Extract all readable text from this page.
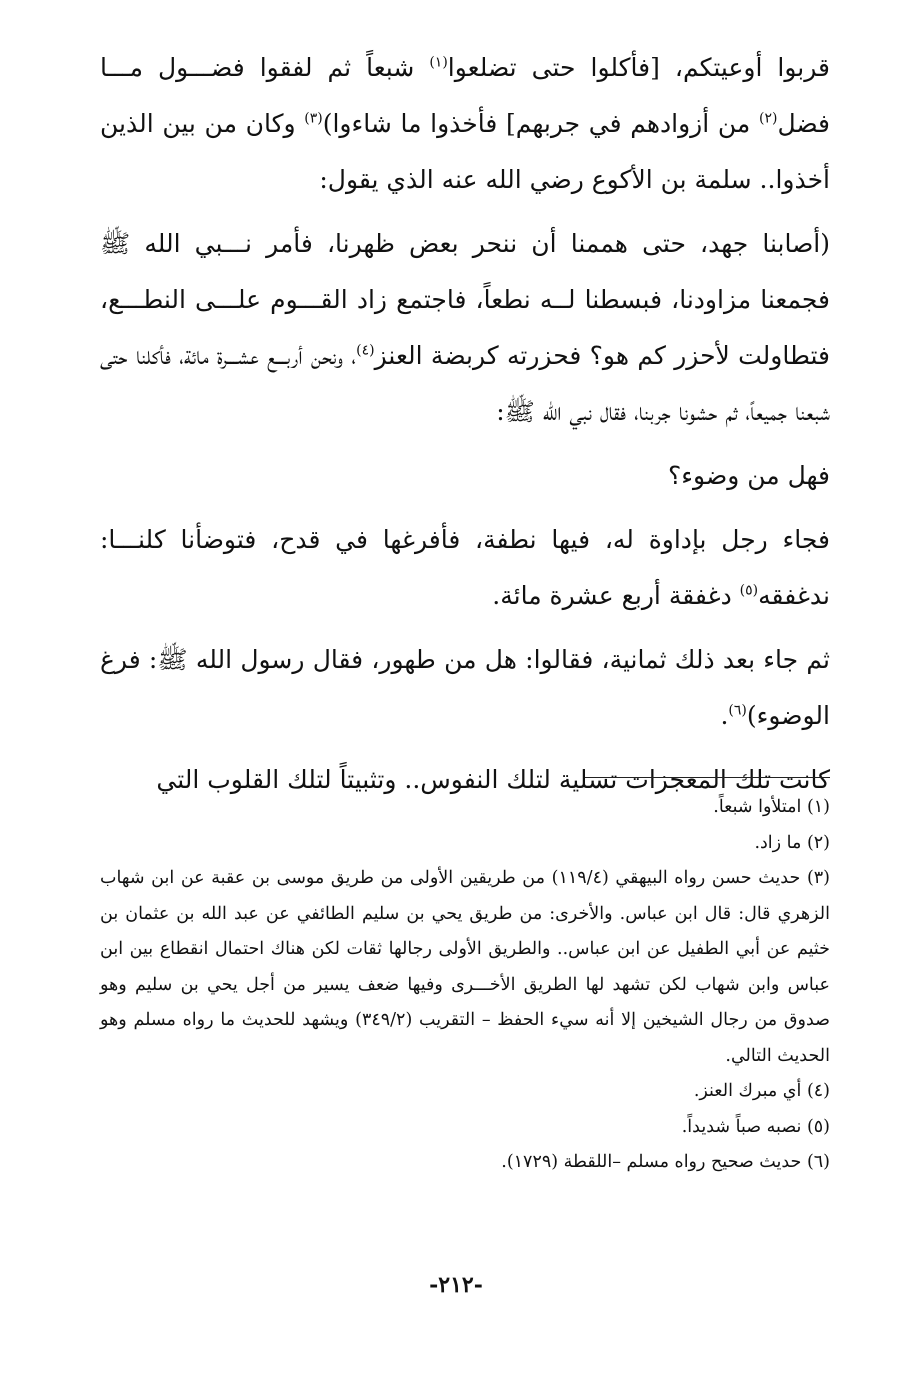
قربوا أوعيتكم، [فأكلوا حتى تضلعوا$^{(١)}$ شبعاً ثم لفقوا فضـــول مـــا فضل$^{(٢)}$ من أزوادهم في جربهم] فأخذوا ما شاءوا)$^{(٣)}$ وكان من بين الذين أخذوا.. سلمة بن الأكوع رضي الله عنه الذي يقول:

(أصابنا جهد، حتى هممنا أن ننحر بعض ظهرنا، فأمر نـــبي الله ﷺ فجمعنا مزاودنا، فبسطنا لــه نطعاً، فاجتمع زاد القـــوم علـــى النطـــع، فتطاولت لأحزر كم هو؟ فحزرته كربضة العنز$^{(٤)}$، ونحن أربـــع عشـــرة مائة، فأكلنا حتى شبعنا جميعاً، ثم حشونا جربنا، فقال نبي الله ﷺ:

فهل من وضوء؟

فجاء رجل بإداوة له، فيها نطفة، فأفرغها في قدح، فتوضأنا كلنـــا: ندغفقه$^{(٥)}$ دغفقة أربع عشرة مائة.

ثم جاء بعد ذلك ثمانية، فقالوا: هل من طهور، فقال رسول الله ﷺ: فرغ الوضوء)$^{(٦)}$.

كانت تلك المعجزات تسلية لتلك النفوس.. وتثبيتاً لتلك القلوب التي

(١) امتلأوا شبعاً.

(٢) ما زاد.

(٣) حديث حسن رواه البيهقي (١١٩/٤) من طريقين الأولى من طريق موسى بن عقبة عن ابن شهاب الزهري قال: قال ابن عباس. والأخرى: من طريق يحي بن سليم الطائفي عن عبد الله بن عثمان بن خثيم عن أبي الطفيل عن ابن عباس.. والطريق الأولى رجالها ثقات لكن هناك احتمال انقطاع بين ابن عباس وابن شهاب لكن تشهد لها الطريق الأخـــرى وفيها ضعف يسير من أجل يحي بن سليم وهو صدوق من رجال الشيخين إلا أنه سيء الحفظ – التقريب (٣٤٩/٢) ويشهد للحديث ما رواه مسلم وهو الحديث التالي.

(٤) أي مبرك العنز.

(٥) نصبه صباً شديداً.

(٦) حديث صحيح رواه مسلم –اللقطة (١٧٢٩).

-٢١٢-
